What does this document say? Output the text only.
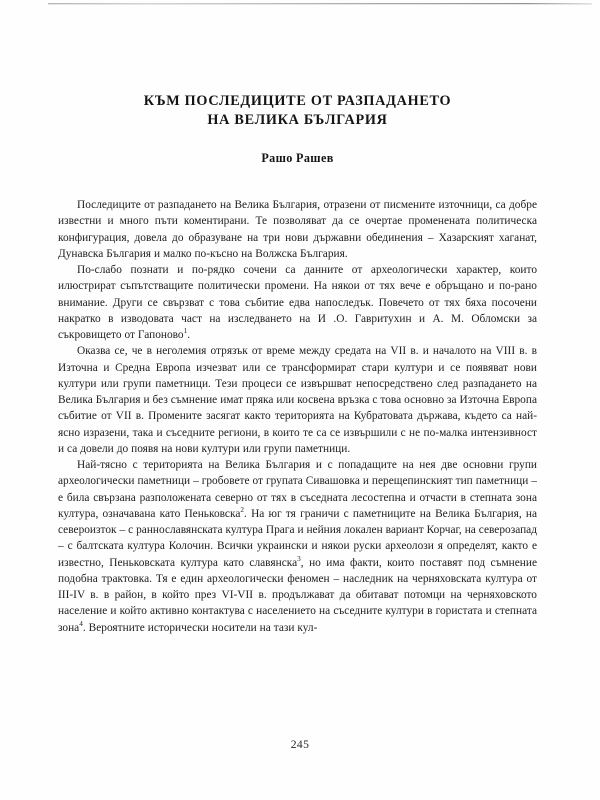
КЪМ ПОСЛЕДИЦИТЕ ОТ РАЗПАДАНЕТО
НА ВЕЛИКА БЪЛГАРИЯ
Рашо Рашев

Последиците от разпадането на Велика България, отразени от писмените източници, са добре известни и много пъти коментирани. Те позволяват да се очертае променената политическа конфигурация, довела до образуване на три нови държавни обединения – Хазарският хаганат, Дунавска България и малко по-късно на Волжска България.

По-слабо познати и по-рядко сочени са данните от археологически характер, които илюстрират съпътстващите политически промени. На някои от тях вече е обръщано и по-рано внимание. Други се свързват с това събитие едва напоследък. Повечето от тях бяха посочени накратко в изводовата част на изследването на И .О. Гавритухин и А. М. Обломски за съкровището от Гапоново$^1$.

Оказва се, че в неголемия отрязък от време между средата на VII в. и началото на VIII в. в Източна и Средна Европа изчезват или се трансформират стари култури и се появяват нови култури или групи паметници. Тези процеси се извършват непосредствено след разпадането на Велика България и без съмнение имат пряка или косвена връзка с това основно за Източна Европа събитие от VII в. Промените засягат както територията на Кубратовата държава, където са най-ясно изразени, така и съседните региони, в които те са се извършили с не по-малка интензивност и са довели до появя на нови култури или групи паметници.

Най-тясно с територията на Велика България и с попадащите на нея две основни групи археологически паметници – гробовете от групата Сивашовка и перещепинският тип паметници – е била свързана разположената северно от тях в съседната лесостепна и отчасти в степната зона култура, означавана като Пеньковска$^2$. На юг тя граничи с паметниците на Велика България, на североизток – с раннославянската култура Прага и нейния локален вариант Корчаг, на северозапад – с балтската култура Колочин. Всички украински и някои руски археолози я определят, както е известно, Пеньковската култура като славянска$^3$, но има факти, които поставят под съмнение подобна трактовка. Тя е един археологически феномен – наследник на черняховската култура от III-IV в. в район, в който през VI-VII в. продължават да обитават потомци на черняховското население и който активно контактува с населението на съседните култури в гористата и степната зона$^4$. Вероятните исторически носители на тази кул-

245
